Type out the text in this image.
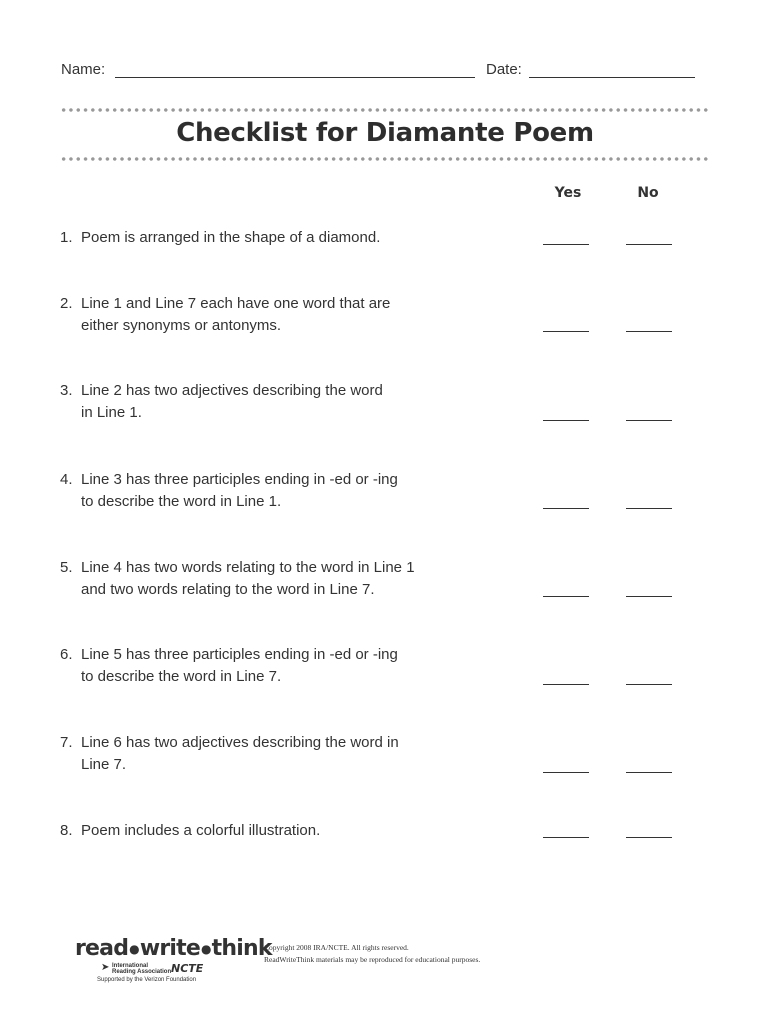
Name:	Date:
Checklist for Diamante Poem
Yes	No
1. Poem is arranged in the shape of a diamond.
2. Line 1 and Line 7 each have one word that are
either synonyms or antonyms.
3. Line 2 has two adjectives describing the word
in Line 1.
4. Line 3 has three participles ending in -ed or -ing
to describe the word in Line 1.
5. Line 4 has two words relating to the word in Line 1
and two words relating to the word in Line 7.
6. Line 5 has three participles ending in -ed or -ing
to describe the word in Line 7.
7. Line 6 has two adjectives describing the word in
Line 7.
8. Poem includes a colorful illustration.
read●write●think
➤ International
Reading Association NCTE
Supported by the Verizon Foundation
Copyright 2008 IRA/NCTE. All rights reserved.
ReadWriteThink materials may be reproduced for educational purposes.
